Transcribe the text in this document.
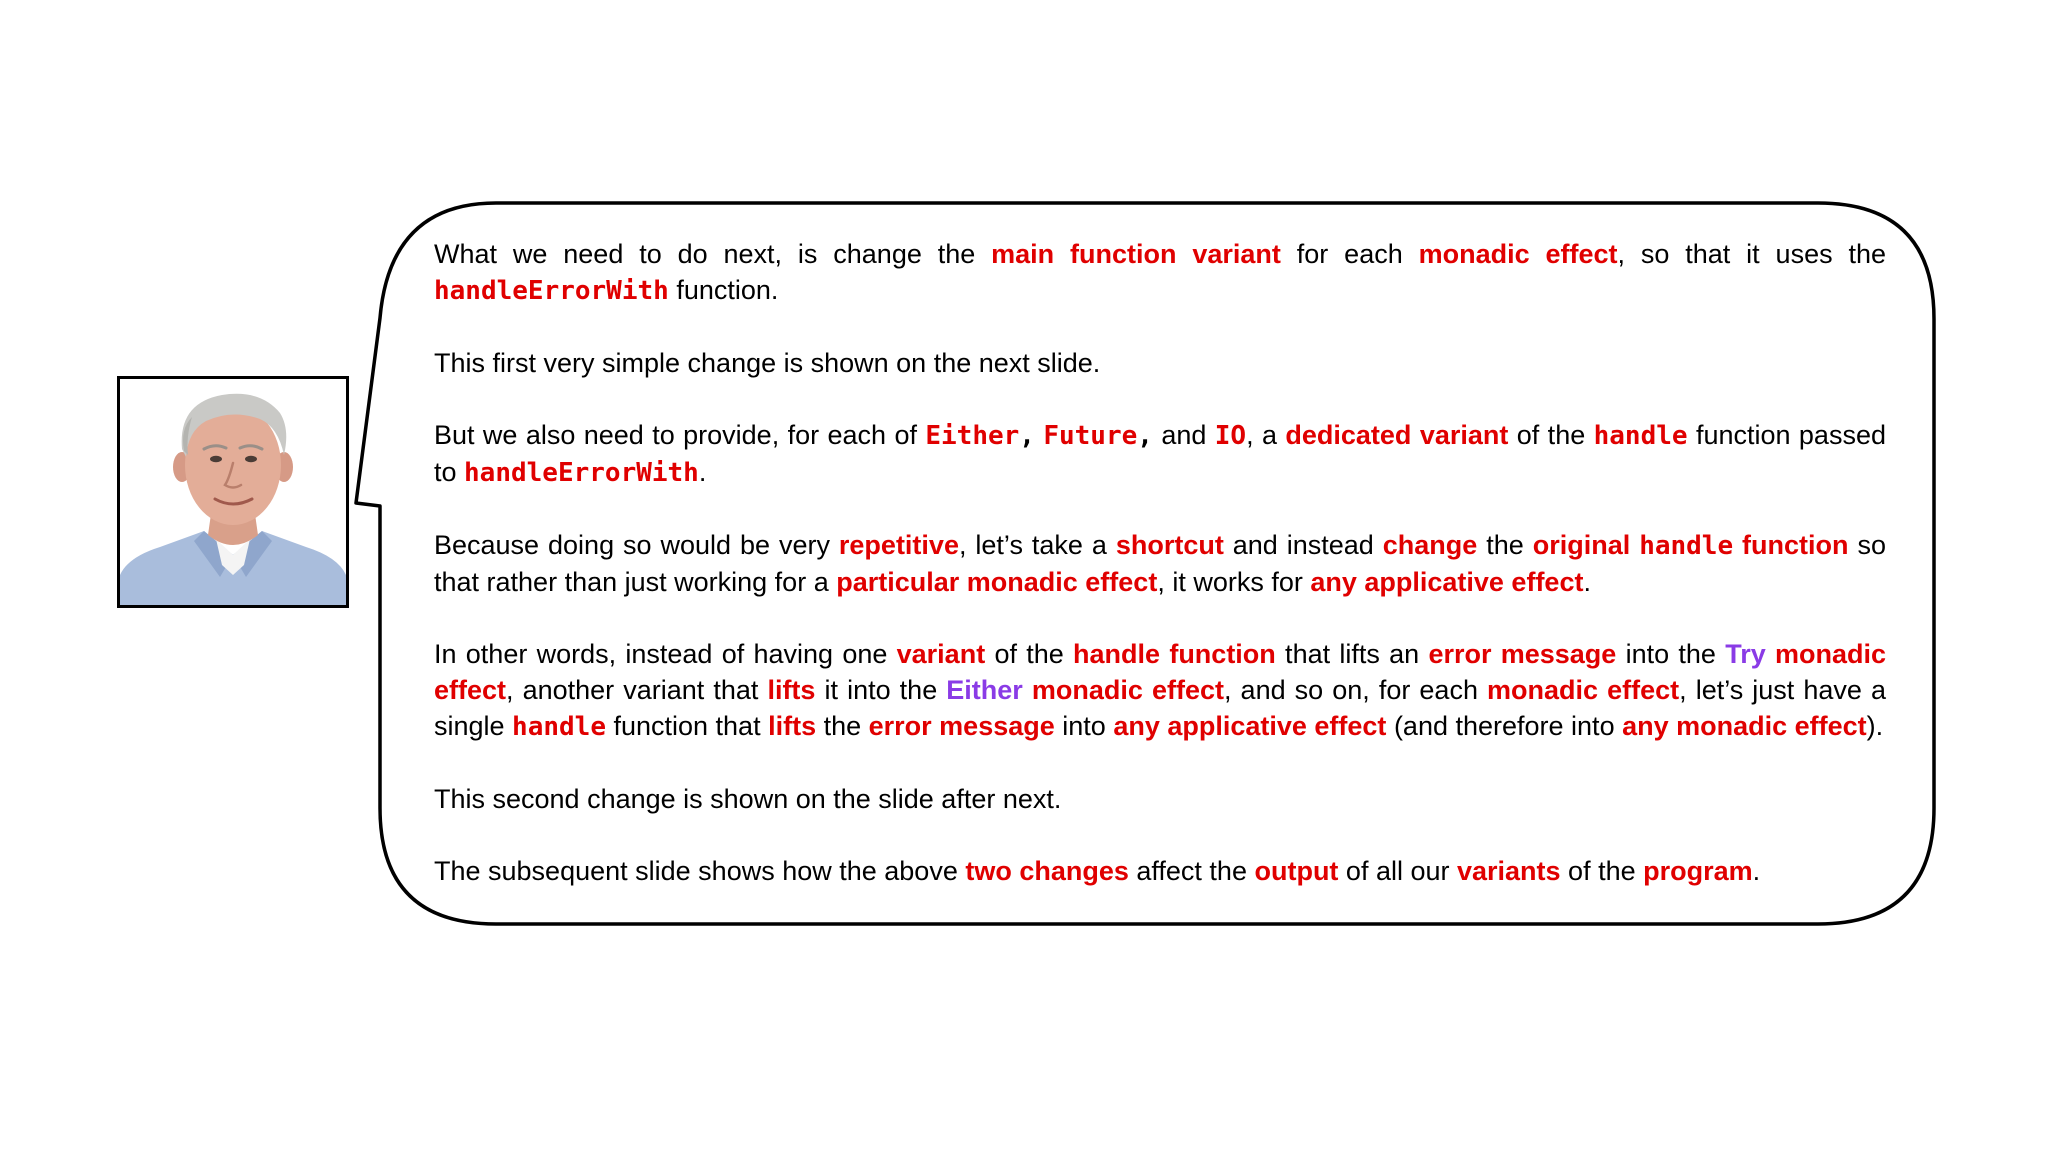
What we need to do next, is change the main function variant for each monadic effect, so that it uses the handleErrorWith function.

This first very simple change is shown on the next slide.

But we also need to provide, for each of Either, Future, and IO, a dedicated variant of the handle function passed to handleErrorWith.

Because doing so would be very repetitive, let’s take a shortcut and instead change the original handle function so that rather than just working for a particular monadic effect, it works for any applicative effect.

In other words, instead of having one variant of the handle function that lifts an error message into the Try monadic effect, another variant that lifts it into the Either monadic effect, and so on, for each monadic effect, let’s just have a single handle function that lifts the error message into any applicative effect (and therefore into any monadic effect).

This second change is shown on the slide after next.

The subsequent slide shows how the above two changes affect the output of all our variants of the program.
